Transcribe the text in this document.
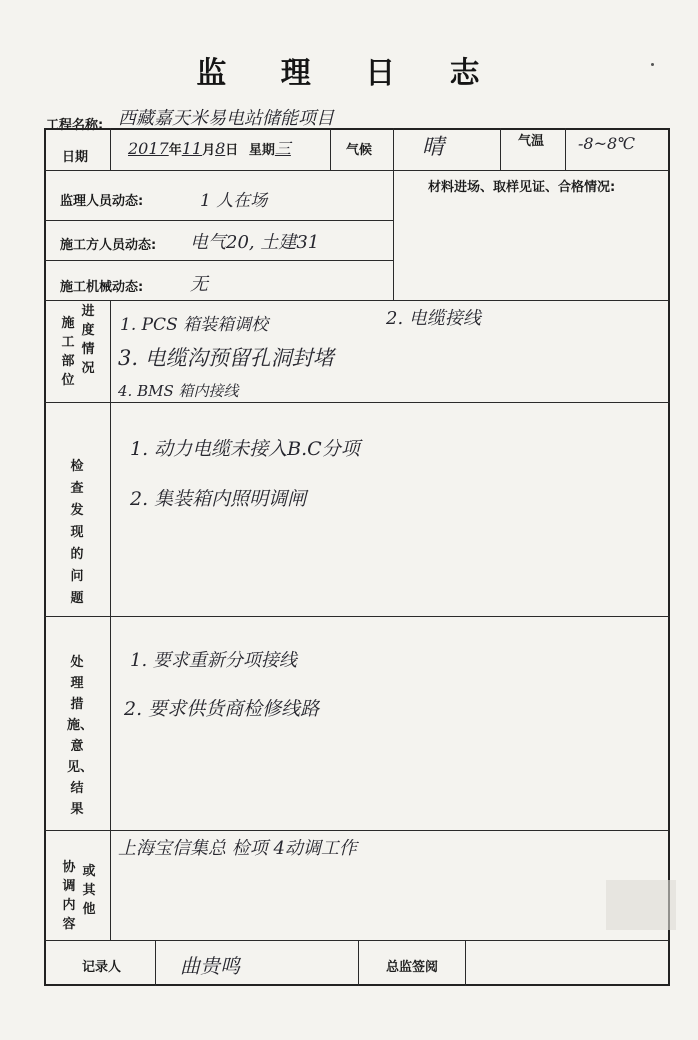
监 理 日 志
工程名称: 西藏嘉天米易电站储能项目
日期 2017年11月8日 星期三	气候 晴	气温 -8~8℃
监理人员动态:	1 人在场
施工方人员动态: 电气20, 土建31
施工机械动态:	无
材料进场、取样见证、合格情况:
施工部位
进度情况
1. PCS 箱装箱调校	2. 电缆接线
3. 电缆沟预留孔洞封堵
4. BMS 箱内接线
检查发现的问题
1. 动力电缆未接入B.C分项
2. 集装箱内照明调闸
处理措施、意见、结果
1. 要求重新分项接线
2. 要求供货商检修线路
协调内容
或其他
上海宝信集总 检项 4动调工作
记录人	曲贵鸣	总监签阅
